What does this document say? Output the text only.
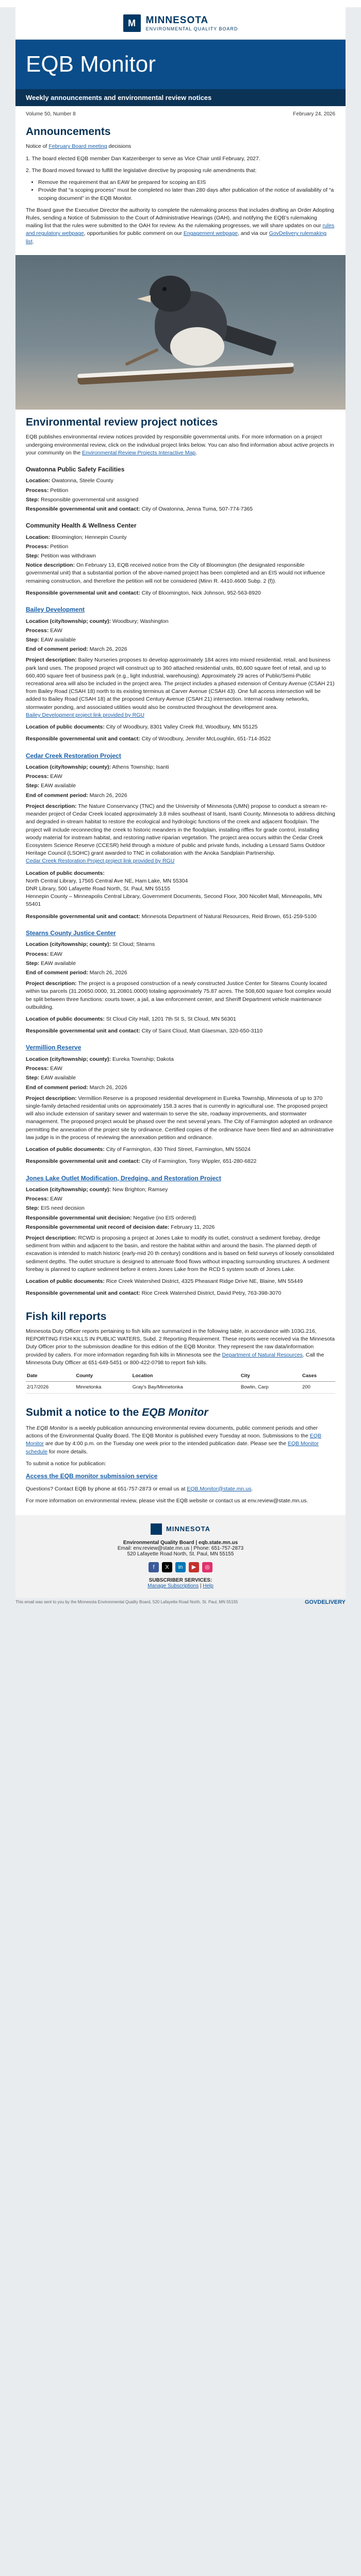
M	MINNESOTA
ENVIRONMENTAL QUALITY BOARD
EQB Monitor
Weekly announcements and environmental review notices
Volume 50, Number 8	February 24, 2026
Announcements

Notice of February Board meeting decisions

1. The board elected EQB member Dan Katzenberger to serve as Vice Chair until February, 2027.

2. The Board moved forward to fulfill the legislative directive by proposing rule amendments that:

• Remove the requirement that an EAW be prepared for scoping an EIS
• Provide that “a scoping process” must be completed no later than 280 days after publication of the notice of availability of “a scoping document” in the EQB Monitor.

The Board gave the Executive Director the authority to complete the rulemaking process that includes drafting an Order Adopting Rules, sending a Notice of Submission to the Court of Administrative Hearings (OAH), and notifying the EQB’s rulemaking mailing list that the rules were submitted to the OAH for review. As the rulemaking progresses, we will share updates on our rules and regulatory webpage, opportunities for public comment on our Engagement webpage, and via our GovDelivery rulemaking list.

Environmental review project notices

EQB publishes environmental review notices provided by responsible governmental units. For more information on a project undergoing environmental review, click on the individual project links below. You can also find information about active projects in your community on the Environmental Review Projects Interactive Map.

Owatonna Public Safety Facilities
Location: Owatonna, Steele County
Process: Petition
Step: Responsible governmental unit assigned
Responsible governmental unit and contact: City of Owatonna, Jenna Tuma, 507-774-7365
Community Health & Wellness Center
Location: Bloomington; Hennepin County
Process: Petition
Step: Petition was withdrawn

Notice description: On February 13, EQB received notice from the City of Bloomington (the designated responsible governmental unit) that a substantial portion of the above-named project has been completed and an EIS would not influence remaining construction, and therefore the petition will not be considered (Minn R. 4410.4600 Subp. 2 (f)).

Responsible governmental unit and contact: City of Bloomington, Nick Johnson, 952-563-8920
Bailey Development
Location (city/township; county): Woodbury; Washington
Process: EAW
Step: EAW available
End of comment period: March 26, 2026

Project description: Bailey Nurseries proposes to develop approximately 184 acres into mixed residential, retail, and business park land uses. The proposed project will construct up to 360 attached residential units, 80,600 square feet of retail, and up to 660,400 square feet of business park (e.g., light industrial, warehousing). Approximately 29 acres of Public/Semi-Public recreational area will also be included in the project area. The project includes a phased extension of Century Avenue (CSAH 21) from Bailey Road (CSAH 18) north to its existing terminus at Carver Avenue (CSAH 43). One full access intersection will be added to Bailey Road (CSAH 18) at the proposed Century Avenue (CSAH 21) intersection. Internal roadway networks, stormwater ponding, and associated utilities would also be constructed throughout the development area.
Bailey Development project link provided by RGU

Location of public documents: City of Woodbury, 8301 Valley Creek Rd, Woodbury, MN 55125

Responsible governmental unit and contact: City of Woodbury, Jennifer McLoughlin, 651-714-3522
Cedar Creek Restoration Project
Location (city/township; county): Athens Township; Isanti
Process: EAW
Step: EAW available
End of comment period: March 26, 2026

Project description: The Nature Conservancy (TNC) and the University of Minnesota (UMN) propose to conduct a stream re-meander project of Cedar Creek located approximately 3.8 miles southeast of Isanti, Isanti County, Minnesota to address ditching and degraded in-stream habitat to restore the ecological and hydrologic functions of the creek and adjacent floodplain. The project will include reconnecting the creek to historic meanders in the floodplain, installing riffles for grade control, installing woody material for instream habitat, and restoring native riparian vegetation. The project area occurs within the Cedar Creek Ecosystem Science Reserve (CCESR) held through a mixture of public and private funds, including a Lessard Sams Outdoor Heritage Council (LSOHC) grant awarded to TNC in collaboration with the Anoka Sandplain Partnership.
Cedar Creek Restoration Project project link provided by RGU

Location of public documents:
North Central Library, 17565 Central Ave NE, Ham Lake, MN 55304
DNR Library, 500 Lafayette Road North, St. Paul, MN 55155
Hennepin County – Minneapolis Central Library, Government Documents, Second Floor, 300 Nicollet Mall, Minneapolis, MN 55401

Responsible governmental unit and contact: Minnesota Department of Natural Resources, Reid Brown, 651-259-5100
Stearns County Justice Center
Location (city/township; county): St Cloud; Stearns
Process: EAW
Step: EAW available
End of comment period: March 26, 2026

Project description: The project is a proposed construction of a newly constructed Justice Center for Stearns County located within tax parcels (31.20650.0000, 31.20801.0000) totaling approximately 75.87 acres. The 508,600 square foot complex would be split between three functions: courts tower, a jail, a law enforcement center, and Sheriff Department vehicle maintenance outbuilding.

Location of public documents: St Cloud City Hall, 1201 7th St S, St Cloud, MN 56301

Responsible governmental unit and contact: City of Saint Cloud, Matt Glaesman, 320-650-3110
Vermillion Reserve
Location (city/township; county): Eureka Township; Dakota
Process: EAW
Step: EAW available
End of comment period: March 26, 2026

Project description: Vermillion Reserve is a proposed residential development in Eureka Township, Minnesota of up to 370 single-family detached residential units on approximately 158.3 acres that is currently in agricultural use. The proposed project will also include extension of sanitary sewer and watermain to serve the site, roadway improvements, and stormwater management. The proposed project would be phased over the next several years. The City of Farmington adopted an ordinance permitting the annexation of the project site by ordinance. Certified copies of the ordinance have been filed and an administrative law judge is in the process of reviewing the annexation petition and ordinance.

Location of public documents: City of Farmington, 430 Third Street, Farmington, MN 55024

Responsible governmental unit and contact: City of Farmington, Tony Wippler, 651-280-6822
Jones Lake Outlet Modification, Dredging, and Restoration Project
Location (city/township; county): New Brighton; Ramsey
Process: EAW
Step: EIS need decision
Responsible governmental unit decision: Negative (no EIS ordered)
Responsible governmental unit record of decision date: February 11, 2026

Project description: RCWD is proposing a project at Jones Lake to modify its outlet, construct a sediment forebay, dredge sediment from within and adjacent to the basin, and restore the habitat within and around the basin. The planned depth of excavation is intended to match historic (early-mid 20 th century) conditions and is based on field surveys of loosely consolidated sediment depths. The outlet structure is designed to attenuate flood flows without impacting surrounding structures. A sediment forebay is planned to capture sediment before it enters Jones Lake from the RCD 5 system south of Jones Lake.

Location of public documents: Rice Creek Watershed District, 4325 Pheasant Ridge Drive NE, Blaine, MN 55449

Responsible governmental unit and contact: Rice Creek Watershed District, David Petry, 763-398-3070
Fish kill reports

Minnesota Duty Officer reports pertaining to fish kills are summarized in the following table, in accordance with 103G.216, REPORTING FISH KILLS IN PUBLIC WATERS, Subd. 2 Reporting Requirement. These reports were received via the Minnesota Duty Officer prior to the submission deadline for this edition of the EQB Monitor. They represent the raw data/information provided by callers. For more information regarding fish kills in Minnesota see the Department of Natural Resources. Call the Minnesota Duty Officer at 651-649-5451 or 800-422-0798 to report fish kills.

Date	County	Location	City	Cases
2/17/2026	Minnetonka	Gray's Bay/Minnetonka	Bowlin, Carp	200
Submit a notice to the EQB Monitor

The EQB Monitor is a weekly publication announcing environmental review documents, public comment periods and other actions of the Environmental Quality Board. The EQB Monitor is published every Tuesday at noon. Submissions to the EQB Monitor are due by 4:00 p.m. on the Tuesday one week prior to the intended publication date. Please see the EQB Monitor schedule for more details.

To submit a notice for publication:

Access the EQB monitor submission service

Questions? Contact EQB by phone at 651-757-2873 or email us at EQB.Monitor@state.mn.us.

For more information on environmental review, please visit the EQB website or contact us at env.review@state.mn.us.

MINNESOTA
Environmental Quality Board | eqb.state.mn.us
Email: env.review@state.mn.us | Phone: 651-757-2873
520 Lafayette Road North, St. Paul, MN 55155
f	X	in	▶	◎
SUBSCRIBER SERVICES:
Manage Subscriptions | Help
This email was sent to you by the Minnesota Environmental Quality Board, 520 Lafayette Road North, St. Paul, MN 55155	GOVDELIVERY
